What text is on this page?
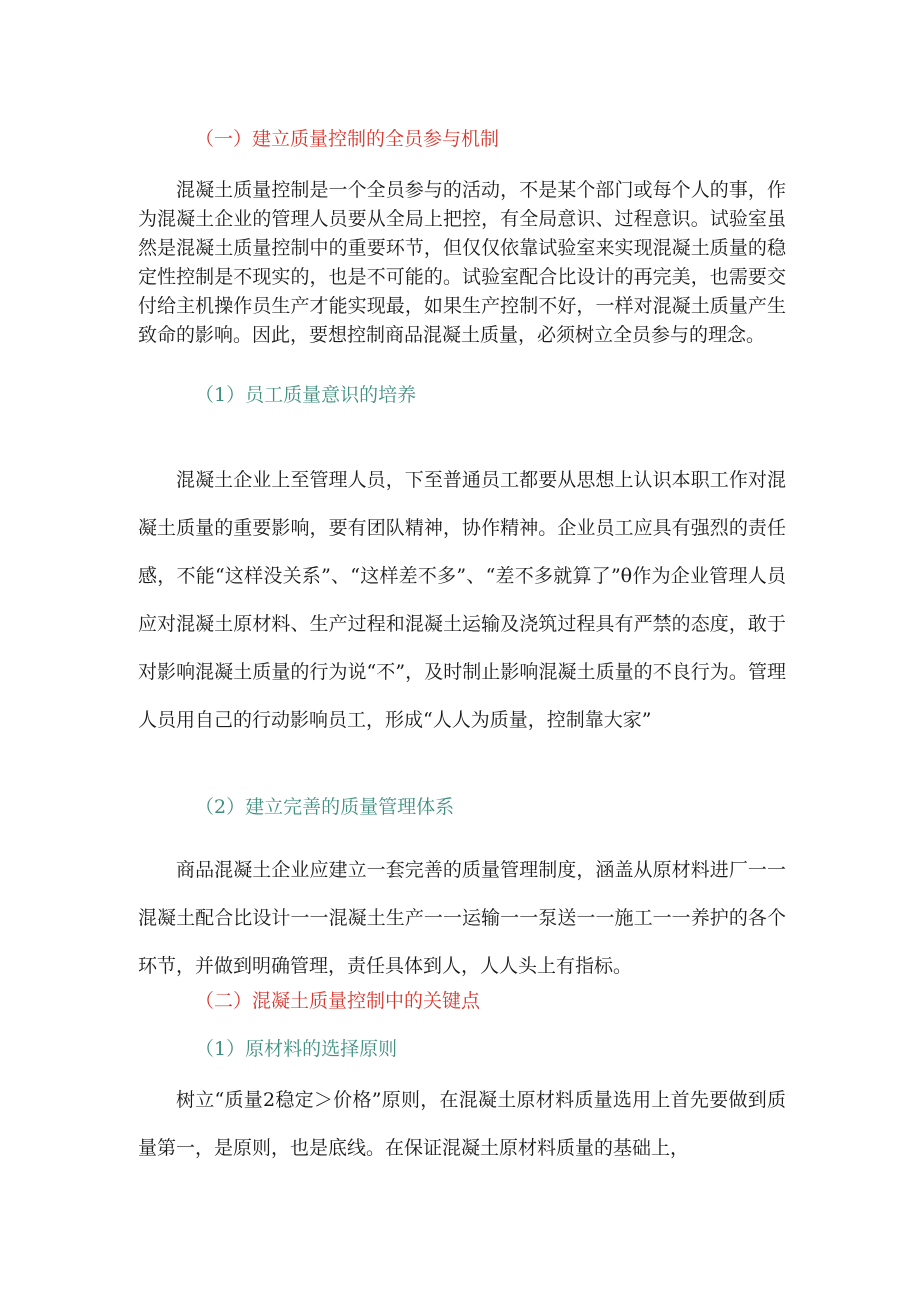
（一）建立质量控制的全员参与机制

混凝土质量控制是一个全员参与的活动，不是某个部门或每个人的事，作为混凝土企业的管理人员要从全局上把控，有全局意识、过程意识。试验室虽然是混凝土质量控制中的重要环节，但仅仅依靠试验室来实现混凝土质量的稳定性控制是不现实的，也是不可能的。试验室配合比设计的再完美，也需要交付给主机操作员生产才能实现最，如果生产控制不好，一样对混凝土质量产生致命的影响。因此，要想控制商品混凝土质量，必须树立全员参与的理念。

（1）员工质量意识的培养

混凝土企业上至管理人员，下至普通员工都要从思想上认识本职工作对混凝土质量的重要影响，要有团队精神，协作精神。企业员工应具有强烈的责任感，不能“这样没关系”、“这样差不多”、“差不多就算了”θ作为企业管理人员应对混凝土原材料、生产过程和混凝土运输及浇筑过程具有严禁的态度，敢于对影响混凝土质量的行为说“不”，及时制止影响混凝土质量的不良行为。管理人员用自己的行动影响员工，形成“人人为质量，控制靠大家”

（2）建立完善的质量管理体系

商品混凝土企业应建立一套完善的质量管理制度，涵盖从原材料进厂一一混凝土配合比设计一一混凝土生产一一运输一一泵送一一施工一一养护的各个环节，并做到明确管理，责任具体到人，人人头上有指标。

（二）混凝土质量控制中的关键点
（1）原材料的选择原则

树立“质量2稳定＞价格”原则，在混凝土原材料质量选用上首先要做到质量第一，是原则，也是底线。在保证混凝土原材料质量的基础上，
